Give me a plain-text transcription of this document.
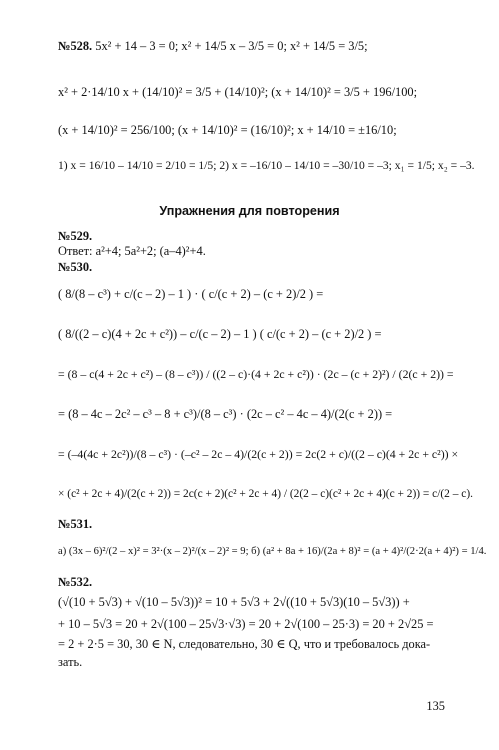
№528. 5x² + 14 – 3 = 0; x² + 14/5 x – 3/5 = 0; x² + 14/5 = 3/5;
x² + 2·14/10 x + (14/10)² = 3/5 + (14/10)²; (x + 14/10)² = 3/5 + 196/100;
(x + 14/10)² = 256/100; (x + 14/10)² = (16/10)²; x + 14/10 = ±16/10;
1) x = 16/10 – 14/10 = 2/10 = 1/5; 2) x = –16/10 – 14/10 = –30/10 = –3; x₁ = 1/5; x₂ = –3.
Упражнения для повторения
№529.
Ответ: a²+4; 5a²+2; (a–4)²+4.
№530.
( 8/(8 – c³) + c/(c – 2) – 1 ) · ( c/(c + 2) – (c + 2)/2 ) =
( 8/((2 – c)(4 + 2c + c²)) – c/(c – 2) – 1 ) ( c/(c + 2) – (c + 2)/2 ) =
= (8 – c(4 + 2c + c²) – (8 – c³)) / ((2 – c)·(4 + 2c + c²)) · (2c – (c + 2)²) / (2(c + 2)) =
= (8 – 4c – 2c² – c³ – 8 + c³)/(8 – c³) · (2c – c² – 4c – 4)/(2(c + 2)) =
= (–4(4c + 2c²))/(8 – c³) · (–c² – 2c – 4)/(2(c + 2)) = 2c(2 + c)/((2 – c)(4 + 2c + c²)) ×
× (c² + 2c + 4)/(2(c + 2)) = 2c(c + 2)(c² + 2c + 4) / (2(2 – c)(c² + 2c + 4)(c + 2)) = c/(2 – c).
№531.
а) (3x – 6)²/(2 – x)² = 3²·(x – 2)²/(x – 2)² = 9; б) (a² + 8a + 16)/(2a + 8)² = (a + 4)²/(2·2(a + 4)²) = 1/4.
№532.
(√(10 + 5√3) + √(10 – 5√3))² = 10 + 5√3 + 2√((10 + 5√3)(10 – 5√3)) +
+ 10 – 5√3 = 20 + 2√(100 – 25√3·√3) = 20 + 2√(100 – 25·3) = 20 + 2√25 =
= 2 + 2·5 = 30, 30 ∈ N, следовательно, 30 ∈ Q, что и требовалось дока-
зать.
135
